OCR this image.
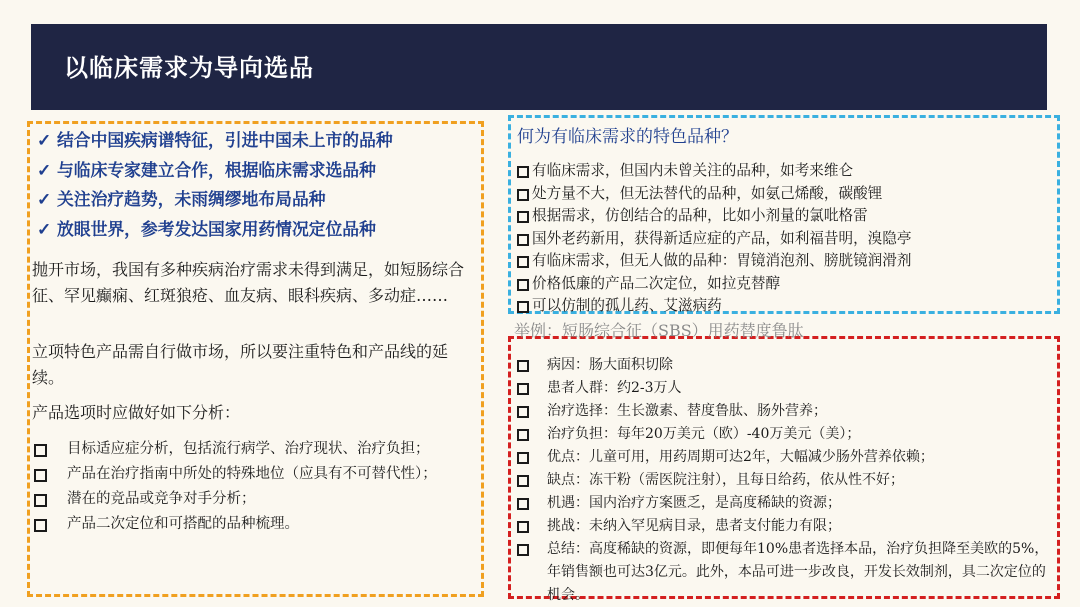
以临床需求为导向选品
✓ 结合中国疾病谱特征，引进中国未上市的品种
✓ 与临床专家建立合作，根据临床需求选品种
✓ 关注治疗趋势，未雨绸缪地布局品种
✓ 放眼世界，参考发达国家用药情况定位品种
抛开市场，我国有多种疾病治疗需求未得到满足，如短肠综合征、罕见癫痫、红斑狼疮、血友病、眼科疾病、多动症……
立项特色产品需自行做市场，所以要注重特色和产品线的延续。
产品选项时应做好如下分析：
目标适应症分析，包括流行病学、治疗现状、治疗负担；
产品在治疗指南中所处的特殊地位（应具有不可替代性）；
潜在的竞品或竞争对手分析；
产品二次定位和可搭配的品种梳理。
何为有临床需求的特色品种？
有临床需求，但国内未曾关注的品种，如考来维仑
处方量不大，但无法替代的品种，如氨己烯酸，碳酸锂
根据需求，仿创结合的品种，比如小剂量的氯吡格雷
国外老药新用，获得新适应症的产品，如利福昔明，溴隐亭
有临床需求，但无人做的品种：胃镜消泡剂、膀胱镜润滑剂
价格低廉的产品二次定位，如拉克替醇
可以仿制的孤儿药、艾滋病药
举例：短肠综合征（SBS）用药替度鲁肽
病因：肠大面积切除
患者人群：约2-3万人
治疗选择：生长激素、替度鲁肽、肠外营养；
治疗负担：每年20万美元（欧）-40万美元（美）；
优点：儿童可用，用药周期可达2年，大幅减少肠外营养依赖；
缺点：冻干粉（需医院注射），且每日给药，依从性不好；
机遇：国内治疗方案匮乏，是高度稀缺的资源；
挑战：未纳入罕见病目录，患者支付能力有限；
总结：高度稀缺的资源，即便每年10%患者选择本品，治疗负担降至美欧的5%，年销售额也可达3亿元。此外，本品可进一步改良，开发长效制剂，具二次定位的机会。
